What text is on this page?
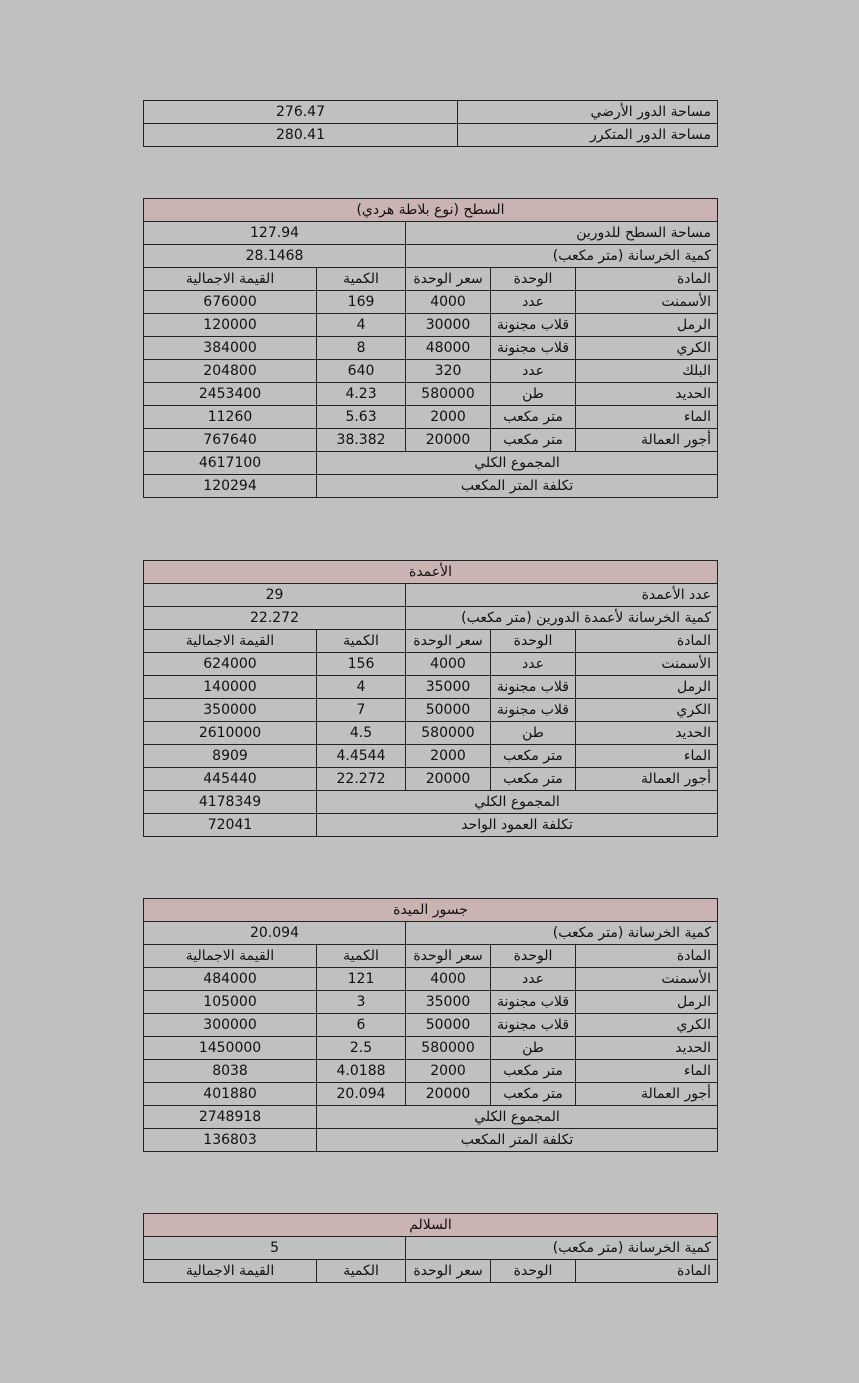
مساحة الدور الأرضي	276.47
مساحة الدور المتكرر	280.41
السطح (نوع بلاطة هردي)				
مساحة السطح للدورين			127.94	
كمية الخرسانة (متر مكعب)			28.1468	
المادة	الوحدة	سعر الوحدة	الكمية	القيمة الاجمالية
الأسمنت	عدد	4000	169	676000
الرمل	قلاب مجنونة	30000	4	120000
الكري	قلاب مجنونة	48000	8	384000
البلك	عدد	320	640	204800
الحديد	طن	580000	4.23	2453400
الماء	متر مكعب	2000	5.63	11260
أجور العمالة	متر مكعب	20000	38.382	767640
المجموع الكلي				4617100
تكلفة المتر المكعب				120294
الأعمدة				
عدد الأعمدة			29	
كمية الخرسانة لأعمدة الدورين (متر مكعب)			22.272	
المادة	الوحدة	سعر الوحدة	الكمية	القيمة الاجمالية
الأسمنت	عدد	4000	156	624000
الرمل	قلاب مجنونة	35000	4	140000
الكري	قلاب مجنونة	50000	7	350000
الحديد	طن	580000	4.5	2610000
الماء	متر مكعب	2000	4.4544	8909
أجور العمالة	متر مكعب	20000	22.272	445440
المجموع الكلي				4178349
تكلفة العمود الواحد				72041
جسور الميدة				
كمية الخرسانة (متر مكعب)			20.094	
المادة	الوحدة	سعر الوحدة	الكمية	القيمة الاجمالية
الأسمنت	عدد	4000	121	484000
الرمل	قلاب مجنونة	35000	3	105000
الكري	قلاب مجنونة	50000	6	300000
الحديد	طن	580000	2.5	1450000
الماء	متر مكعب	2000	4.0188	8038
أجور العمالة	متر مكعب	20000	20.094	401880
المجموع الكلي				2748918
تكلفة المتر المكعب				136803
السلالم				
كمية الخرسانة (متر مكعب)			5	
المادة	الوحدة	سعر الوحدة	الكمية	القيمة الاجمالية
